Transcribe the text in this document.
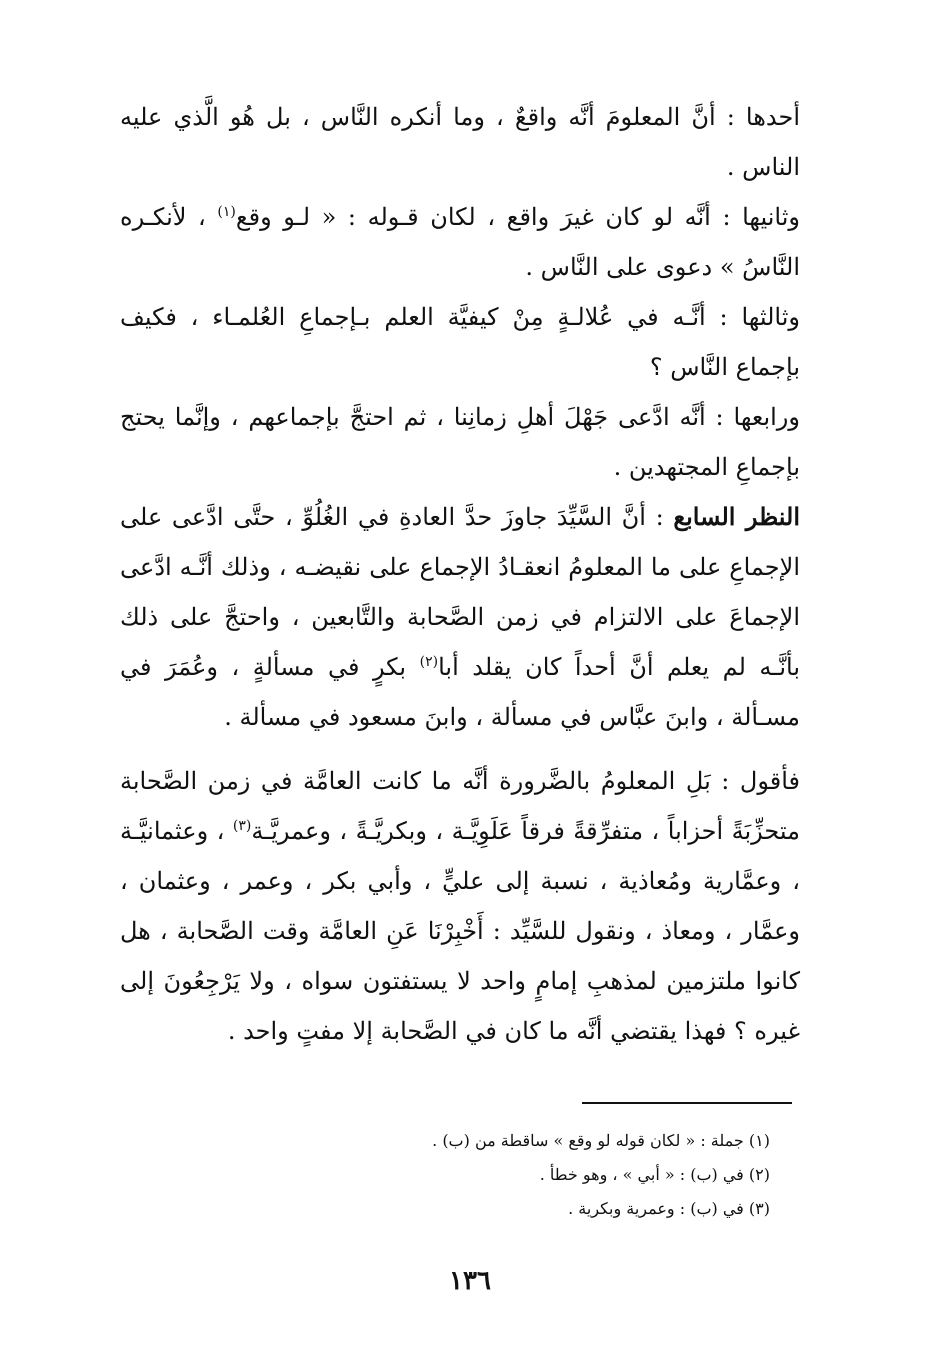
أحدها : أنَّ المعلومَ أنَّه واقعٌ ، وما أنكره النَّاس ، بل هُو الَّذي عليه الناس .

وثانيها : أنَّه لو كان غيرَ واقع ، لكان قـوله : « لـو وقع$^{(١)}$ ، لأنكـره النَّاسُ » دعوى على النَّاس .

وثالثها : أنَّـه في عُلالـةٍ مِنْ كيفيَّة العلم بـإجماعِ العُلمـاء ، فكيف بإجماع النَّاس ؟

ورابعها : أنَّه ادَّعى جَهْلَ أهلِ زمانِنا ، ثم احتجَّ بإجماعهم ، وإنَّما يحتج بإجماعِ المجتهدين .

النظر السابع : أنَّ السَّيِّدَ جاوزَ حدَّ العادةِ في الغُلُوِّ ، حتَّى ادَّعى على الإجماعِ على ما المعلومُ انعقـادُ الإجماع على نقيضـه ، وذلك أنَّـه ادَّعى الإجماعَ على الالتزام في زمن الصَّحابة والتَّابعين ، واحتجَّ على ذلك بأنَّـه لم يعلم أنَّ أحداً كان يقلد أبا$^{(٢)}$ بكرٍ في مسألةٍ ، وعُمَرَ في مسـألة ، وابنَ عبَّاس في مسألة ، وابنَ مسعود في مسألة .

فأقول : بَلِ المعلومُ بالضَّرورة أنَّه ما كانت العامَّة في زمن الصَّحابة متحزِّبَةً أحزاباً ، متفرِّقةً فرقاً عَلَوِيَّـة ، وبكريَّـةً ، وعمريَّـة$^{(٣)}$ ، وعثمانيَّـة ، وعمَّارية ومُعاذية ، نسبة إلى عليٍّ ، وأبي بكر ، وعمر ، وعثمان ، وعمَّار ، ومعاذ ، ونقول للسَّيِّد : أَخْبِرْنَا عَنِ العامَّة وقت الصَّحابة ، هل كانوا ملتزمين لمذهبِ إمامٍ واحد لا يستفتون سواه ، ولا يَرْجِعُونَ إلى غيره ؟ فهذا يقتضي أنَّه ما كان في الصَّحابة إلا مفتٍ واحد .

(١) جملة : « لكان قوله لو وقع » ساقطة من (ب) .

(٢) في (ب) : « أبي » ، وهو خطأ .

(٣) في (ب) : وعمرية وبكرية .

١٣٦
